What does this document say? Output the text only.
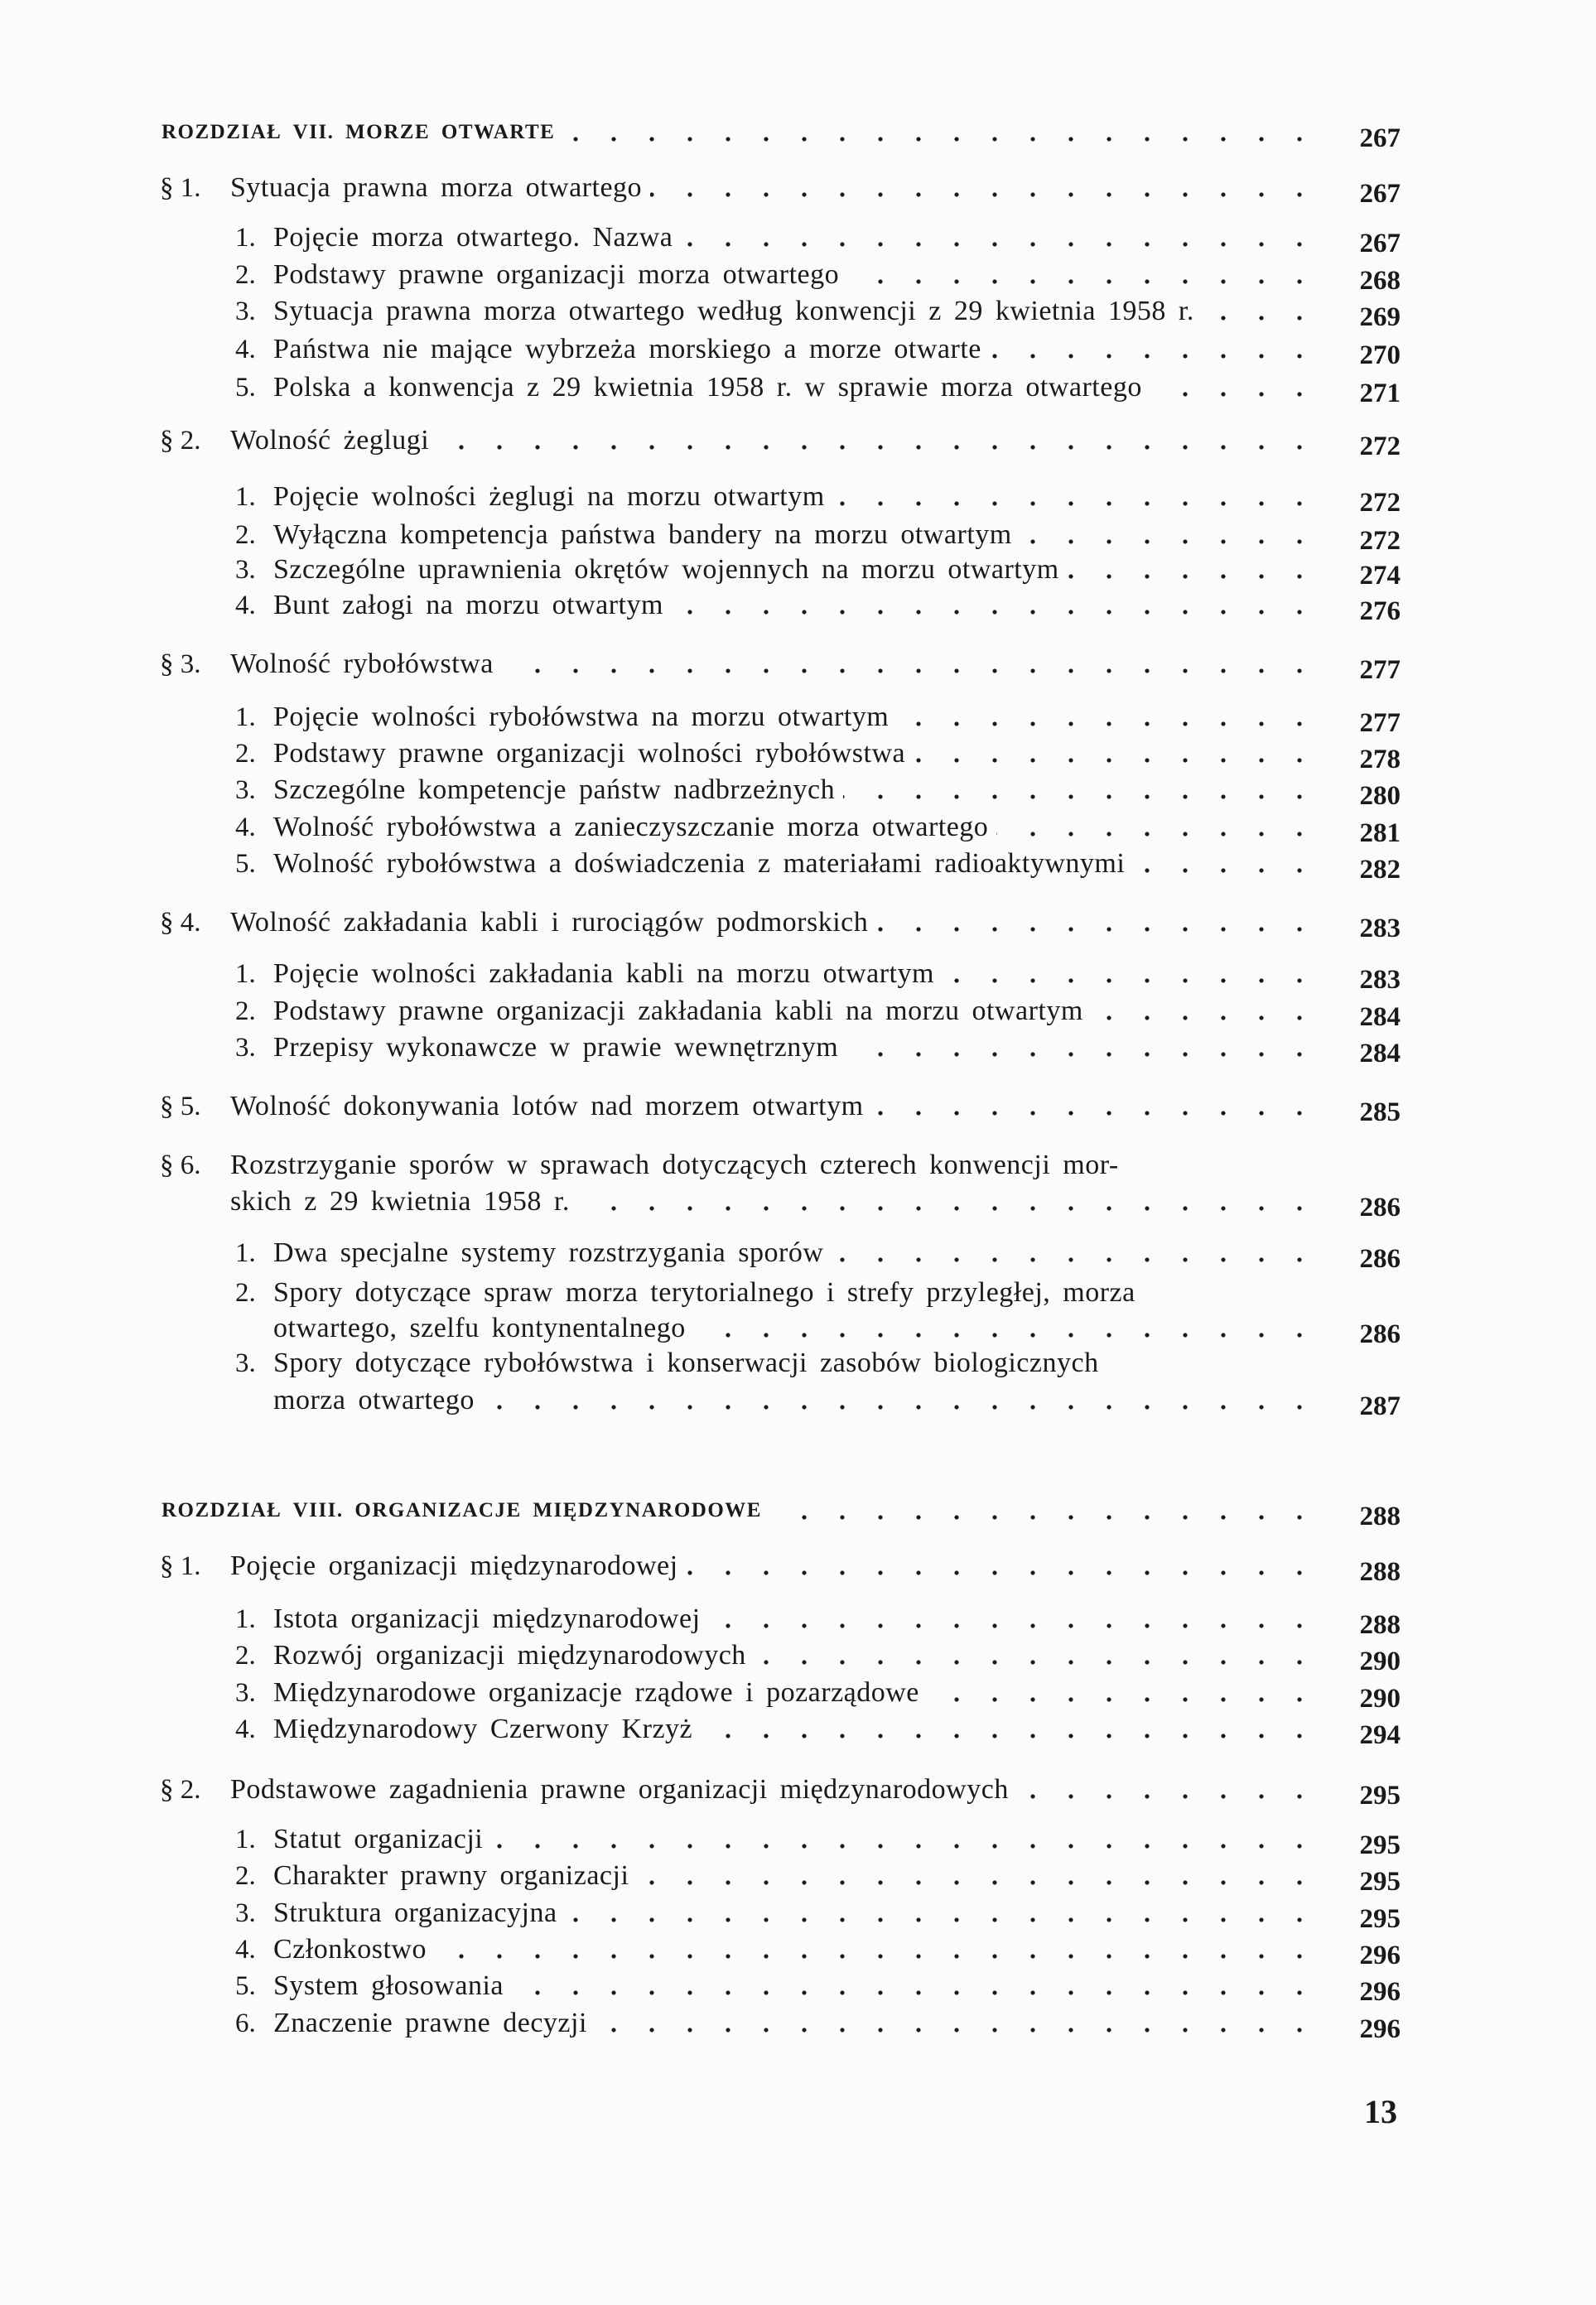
ROZDZIAŁ VII. MORZE OTWARTE	267
§ 1. Sytuacja prawna morza otwartego	267
1. Pojęcie morza otwartego. Nazwa	267
2. Podstawy prawne organizacji morza otwartego	268
3. Sytuacja prawna morza otwartego według konwencji z 29 kwietnia 1958 r.	269
4. Państwa nie mające wybrzeża morskiego a morze otwarte	270
5. Polska a konwencja z 29 kwietnia 1958 r. w sprawie morza otwartego	271
§ 2. Wolność żeglugi	272
1. Pojęcie wolności żeglugi na morzu otwartym	272
2. Wyłączna kompetencja państwa bandery na morzu otwartym	272
3. Szczególne uprawnienia okrętów wojennych na morzu otwartym	274
4. Bunt załogi na morzu otwartym	276
§ 3. Wolność rybołówstwa	277
1. Pojęcie wolności rybołówstwa na morzu otwartym	277
2. Podstawy prawne organizacji wolności rybołówstwa	278
3. Szczególne kompetencje państw nadbrzeżnych	280
4. Wolność rybołówstwa a zanieczyszczanie morza otwartego	281
5. Wolność rybołówstwa a doświadczenia z materiałami radioaktywnymi	282
§ 4. Wolność zakładania kabli i rurociągów podmorskich	283
1. Pojęcie wolności zakładania kabli na morzu otwartym	283
2. Podstawy prawne organizacji zakładania kabli na morzu otwartym	284
3. Przepisy wykonawcze w prawie wewnętrznym	284
§ 5. Wolność dokonywania lotów nad morzem otwartym	285
§ 6. Rozstrzyganie sporów w sprawach dotyczących czterech konwencji mor-
skich z 29 kwietnia 1958 r.	286
1. Dwa specjalne systemy rozstrzygania sporów	286
2. Spory dotyczące spraw morza terytorialnego i strefy przyległej, morza
otwartego, szelfu kontynentalnego	286
3. Spory dotyczące rybołówstwa i konserwacji zasobów biologicznych
morza otwartego	287
ROZDZIAŁ VIII. ORGANIZACJE MIĘDZYNARODOWE	288
§ 1. Pojęcie organizacji międzynarodowej	288
1. Istota organizacji międzynarodowej	288
2. Rozwój organizacji międzynarodowych	290
3. Międzynarodowe organizacje rządowe i pozarządowe	290
4. Międzynarodowy Czerwony Krzyż	294
§ 2. Podstawowe zagadnienia prawne organizacji międzynarodowych	295
1. Statut organizacji	295
2. Charakter prawny organizacji	295
3. Struktura organizacyjna	295
4. Członkostwo	296
5. System głosowania	296
6. Znaczenie prawne decyzji	296
13
